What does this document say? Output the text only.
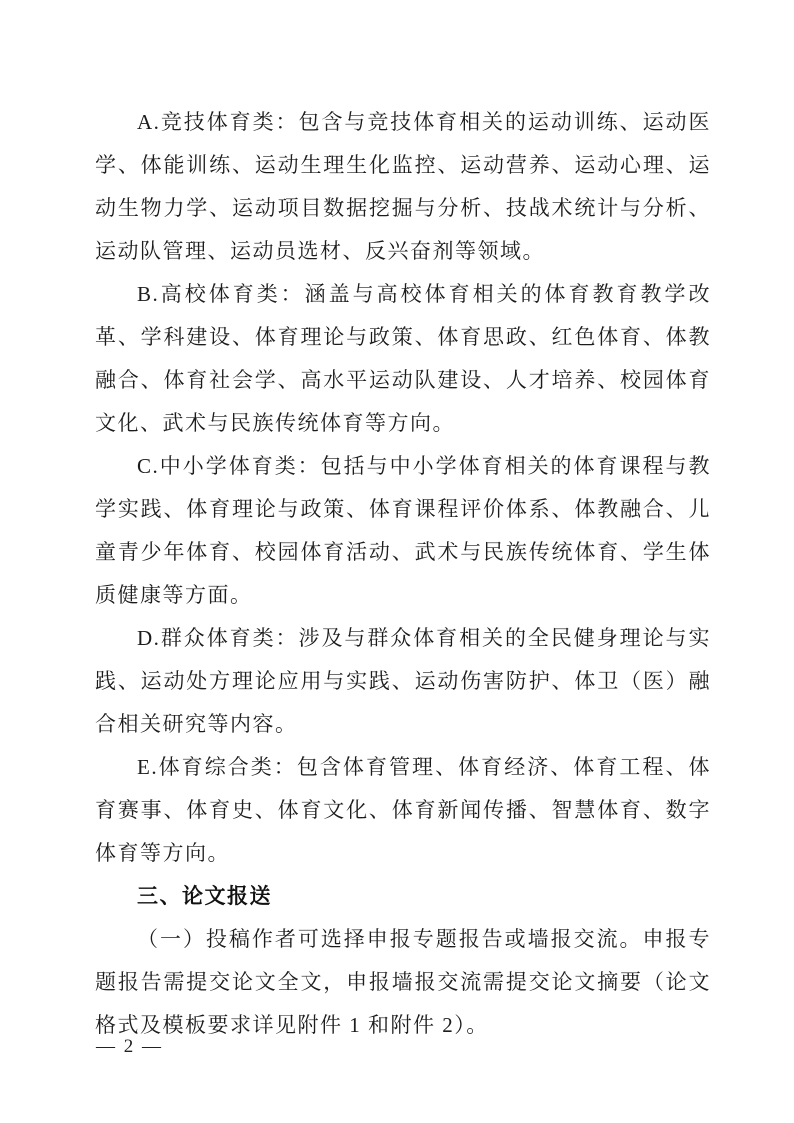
A.竞技体育类：包含与竞技体育相关的运动训练、运动医学、体能训练、运动生理生化监控、运动营养、运动心理、运动生物力学、运动项目数据挖掘与分析、技战术统计与分析、运动队管理、运动员选材、反兴奋剂等领域。

B.高校体育类：涵盖与高校体育相关的体育教育教学改革、学科建设、体育理论与政策、体育思政、红色体育、体教融合、体育社会学、高水平运动队建设、人才培养、校园体育文化、武术与民族传统体育等方向。

C.中小学体育类：包括与中小学体育相关的体育课程与教学实践、体育理论与政策、体育课程评价体系、体教融合、儿童青少年体育、校园体育活动、武术与民族传统体育、学生体质健康等方面。

D.群众体育类：涉及与群众体育相关的全民健身理论与实践、运动处方理论应用与实践、运动伤害防护、体卫（医）融合相关研究等内容。

E.体育综合类：包含体育管理、体育经济、体育工程、体育赛事、体育史、体育文化、体育新闻传播、智慧体育、数字体育等方向。

三、论文报送

（一）投稿作者可选择申报专题报告或墙报交流。申报专题报告需提交论文全文，申报墙报交流需提交论文摘要（论文格式及模板要求详见附件 1 和附件 2）。

— 2 —
